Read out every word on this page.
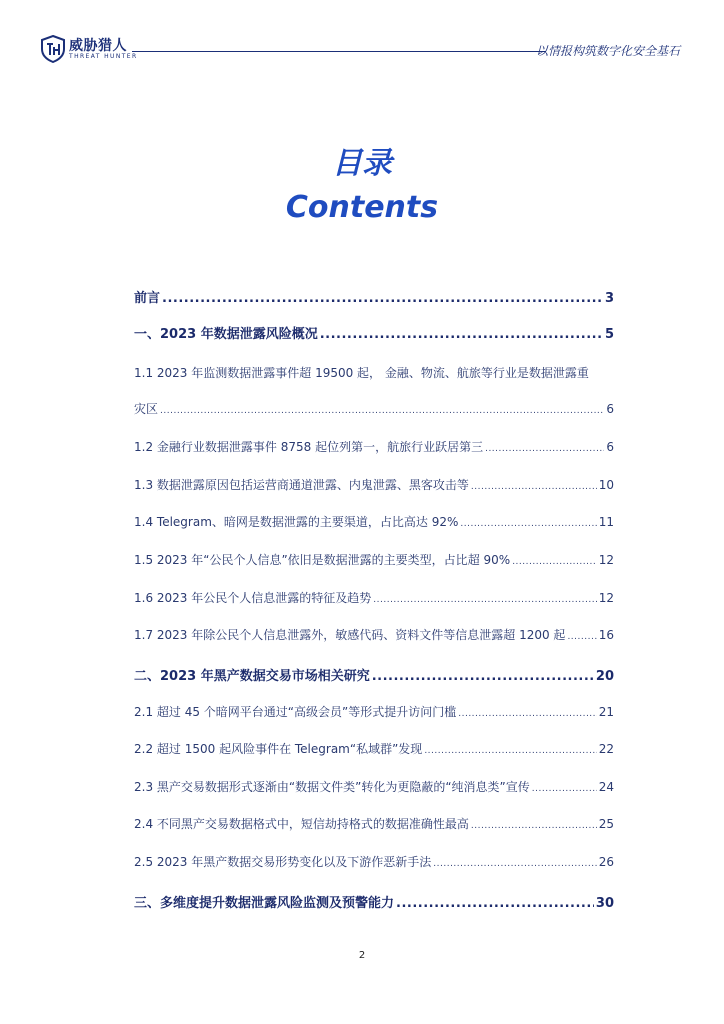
威胁猎人
THREAT HUNTER	以情报构筑数字化安全基石
目录
Contents
前言 .....	3
一、2023 年数据泄露风险概况 .....	5
1.1 2023 年监测数据泄露事件超 19500 起， 金融、物流、航旅等行业是数据泄露重
灾区 .....	6
1.2 金融行业数据泄露事件 8758 起位列第一，航旅行业跃居第三 .....	6
1.3 数据泄露原因包括运营商通道泄露、内鬼泄露、黑客攻击等 .....	10
1.4 Telegram、暗网是数据泄露的主要渠道，占比高达 92% .....	11
1.5 2023 年“公民个人信息”依旧是数据泄露的主要类型，占比超 90% .....	12
1.6 2023 年公民个人信息泄露的特征及趋势 .....	12
1.7 2023 年除公民个人信息泄露外，敏感代码、资料文件等信息泄露超 1200 起 .....	16
二、2023 年黑产数据交易市场相关研究 .....	20
2.1 超过 45 个暗网平台通过“高级会员”等形式提升访问门槛 .....	21
2.2 超过 1500 起风险事件在 Telegram“私域群”发现 .....	22
2.3 黑产交易数据形式逐渐由“数据文件类”转化为更隐蔽的“纯消息类”宣传 .....	24
2.4 不同黑产交易数据格式中，短信劫持格式的数据准确性最高 .....	25
2.5 2023 年黑产数据交易形势变化以及下游作恶新手法 .....	26
三、多维度提升数据泄露风险监测及预警能力 .....	30
2
